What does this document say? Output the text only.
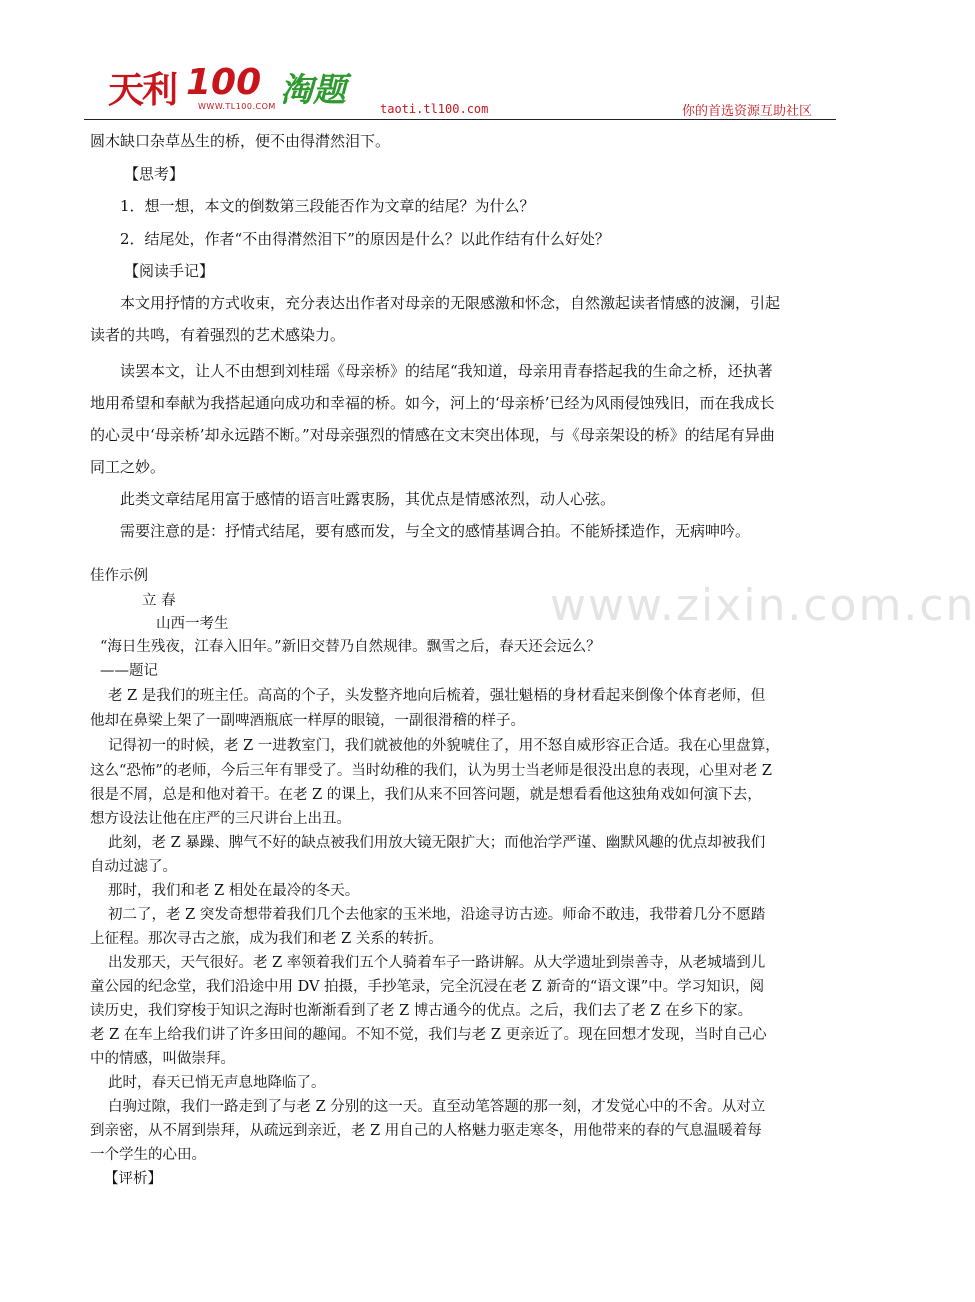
天利 100 淘题
WWW.TL100.COM	taoti.tl100.com	你的首选资源互助社区
圆木缺口杂草丛生的桥，便不由得潸然泪下。
【思考】
1．想一想，本文的倒数第三段能否作为文章的结尾？为什么？
2．结尾处，作者“不由得潸然泪下”的原因是什么？以此作结有什么好处？
【阅读手记】
本文用抒情的方式收束，充分表达出作者对母亲的无限感激和怀念，自然激起读者情感的波澜，引起
读者的共鸣，有着强烈的艺术感染力。
读罢本文，让人不由想到刘桂瑶《母亲桥》的结尾“我知道，母亲用青春搭起我的生命之桥，还执著
地用希望和奉献为我搭起通向成功和幸福的桥。如今，河上的‘母亲桥’已经为风雨侵蚀残旧，而在我成长
的心灵中‘母亲桥’却永远踏不断。”对母亲强烈的情感在文末突出体现，与《母亲架设的桥》的结尾有异曲
同工之妙。
此类文章结尾用富于感情的语言吐露衷肠，其优点是情感浓烈，动人心弦。
需要注意的是：抒情式结尾，要有感而发，与全文的感情基调合拍。不能矫揉造作，无病呻吟。
佳作示例
立 春
山西一考生
“海日生残夜，江春入旧年。”新旧交替乃自然规律。飘雪之后，春天还会远么？
——题记
老 Z 是我们的班主任。高高的个子，头发整齐地向后梳着，强壮魁梧的身材看起来倒像个体育老师，但
他却在鼻梁上架了一副啤酒瓶底一样厚的眼镜，一副很滑稽的样子。
记得初一的时候，老 Z 一进教室门，我们就被他的外貌唬住了，用不怒自威形容正合适。我在心里盘算，
这么“恐怖”的老师，今后三年有罪受了。当时幼稚的我们，认为男士当老师是很没出息的表现，心里对老 Z
很是不屑，总是和他对着干。在老 Z 的课上，我们从来不回答问题，就是想看看他这独角戏如何演下去，
想方设法让他在庄严的三尺讲台上出丑。
此刻，老 Z 暴躁、脾气不好的缺点被我们用放大镜无限扩大；而他治学严谨、幽默风趣的优点却被我们
自动过滤了。
那时，我们和老 Z 相处在最冷的冬天。
初二了，老 Z 突发奇想带着我们几个去他家的玉米地，沿途寻访古迹。师命不敢违，我带着几分不愿踏
上征程。那次寻古之旅，成为我们和老 Z 关系的转折。
出发那天，天气很好。老 Z 率领着我们五个人骑着车子一路讲解。从大学遗址到崇善寺，从老城墙到儿
童公园的纪念堂，我们沿途中用 DV 拍摄，手抄笔录，完全沉浸在老 Z 新奇的“语文课”中。学习知识，阅
读历史，我们穿梭于知识之海时也渐渐看到了老 Z 博古通今的优点。之后，我们去了老 Z 在乡下的家。
老 Z 在车上给我们讲了许多田间的趣闻。不知不觉，我们与老 Z 更亲近了。现在回想才发现，当时自己心
中的情感，叫做崇拜。
此时，春天已悄无声息地降临了。
白驹过隙，我们一路走到了与老 Z 分别的这一天。直至动笔答题的那一刻，才发觉心中的不舍。从对立
到亲密，从不屑到崇拜，从疏远到亲近，老 Z 用自己的人格魅力驱走寒冬，用他带来的春的气息温暖着每
一个学生的心田。
【评析】
www.zixin.com.cn
